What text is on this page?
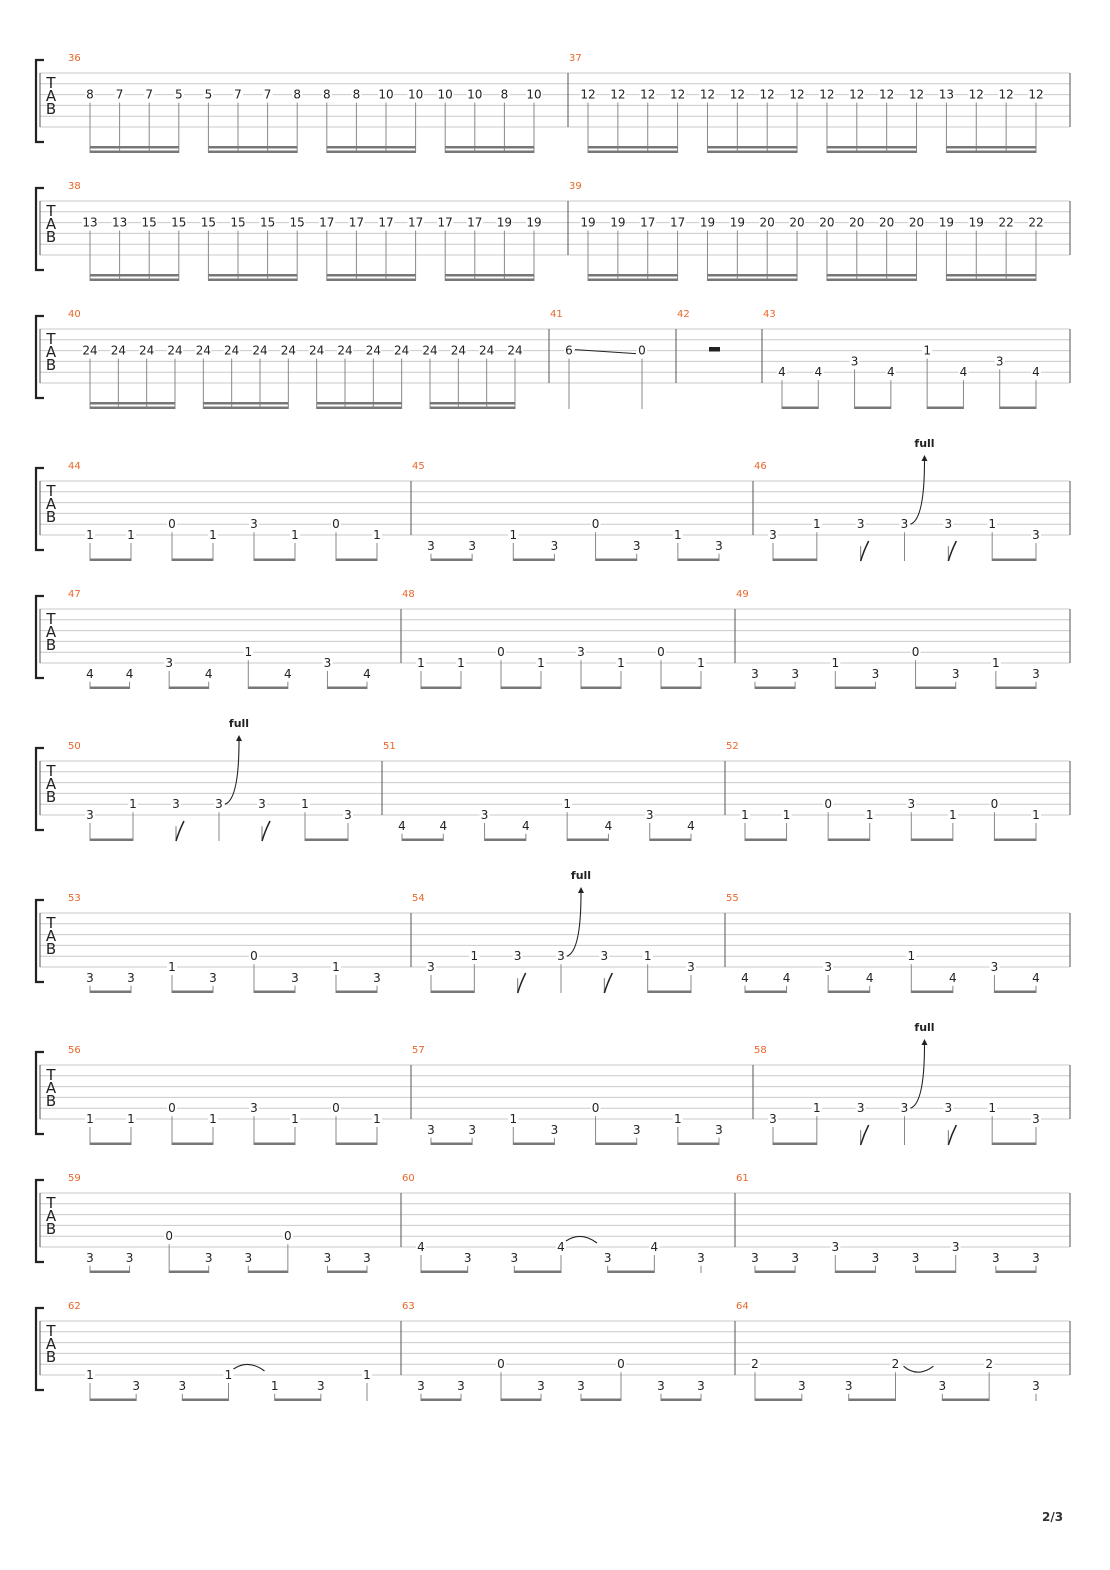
T
A
B
36
8 7 7 5 5 7 7 8 8 8 10 10 10 10 8 10
37
12 12 12 12 12 12 12 12 12 12 12 12 13 12 12 12
T
A
B
38
13 13 15 15 15 15 15 15 17 17 17 17 17 17 19 19
39
19 19 17 17 19 19 20 20 20 20 20 20 19 19 22 22
T
A
B
40
24 24 24 24 24 24 24 24 24 24 24 24 24 24 24 24
41
6	0
42	43
4 4
3
4
1
4
3
4
T
A
B
44
1	1
0
1
3
1
0
1
45
3	3
1
3
0
3
1
3
46
3
1	3	3
full
3	1
3
T
A
B
47
4	4
3
4
1
4
3
4
48
1	1
0
1
3
1
0
1
49
3	3
1
3
0
3
1
3
T
A
B
50
3
1	3	3
full
3	1
3
51
4	4
3
4
1
4
3
4
52
1	1
0
1
3
1
0
1
T
A
B
53
3	3
1
3
0
3
1
3
54
3
1	3	3
full
3	1
3
55
4	4
3
4
1
4
3
4
T
A
B
56
1	1
0
1
3
1
0
1
57
3	3
1
3
0
3
1
3
58
3
1	3	3
full
3	1
3
T
A
B
59
3	3
0
3	3
0
3	3
60
4
3	3
4
3
4
3
61
3	3
3
3	3
3
3	3
T
A
B
62
1
3	3
1
1	3
1
63
3	3
0
3	3
0
3	3
64
2
3	3
2
3
2
3
2/3
